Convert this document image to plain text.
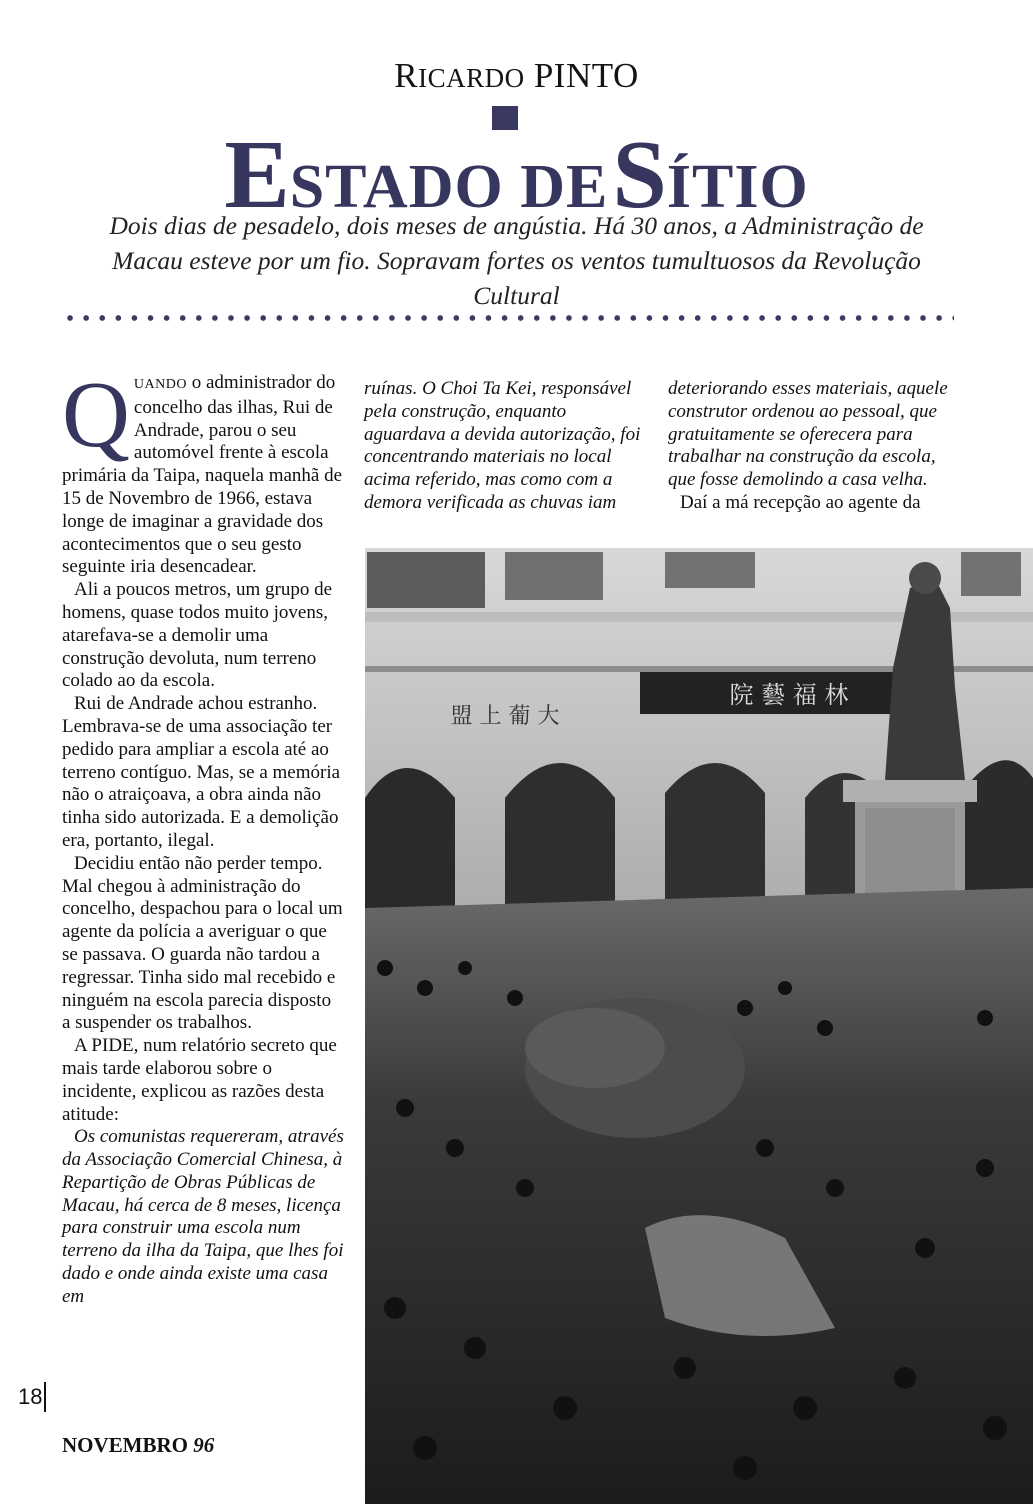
RICARDO PINTO
ESTADO DE SÍTIO
Dois dias de pesadelo, dois meses de angústia. Há 30 anos, a Administração de Macau esteve por um fio. Sopravam fortes os ventos tumultuosos da Revolução Cultural

QUANDO o administrador do concelho das ilhas, Rui de Andrade, parou o seu automóvel frente à escola primária da Taipa, naquela manhã de 15 de Novembro de 1966, estava longe de imaginar a gravidade dos acontecimentos que o seu gesto seguinte iria desencadear.

Ali a poucos metros, um grupo de homens, quase todos muito jovens, atarefava-se a demolir uma construção devoluta, num terreno colado ao da escola.

Rui de Andrade achou estranho. Lembrava-se de uma associação ter pedido para ampliar a escola até ao terreno contíguo. Mas, se a memória não o atraiçoava, a obra ainda não tinha sido autorizada. E a demolição era, portanto, ilegal.

Decidiu então não perder tempo. Mal chegou à administração do concelho, despachou para o local um agente da polícia a averiguar o que se passava. O guarda não tardou a regressar. Tinha sido mal recebido e ninguém na escola parecia disposto a suspender os trabalhos.

A PIDE, num relatório secreto que mais tarde elaborou sobre o incidente, explicou as razões desta atitude:

Os comunistas requereram, através da Associação Comercial Chinesa, à Repartição de Obras Públicas de Macau, há cerca de 8 meses, licença para construir uma escola num terreno da ilha da Taipa, que lhes foi dado e onde ainda existe uma casa em

ruínas. O Choi Ta Kei, responsável pela construção, enquanto aguardava a devida autorização, foi concentrando materiais no local acima referido, mas como com a demora verificada as chuvas iam

deteriorando esses materiais, aquele construtor ordenou ao pessoal, que gratuitamente se oferecera para trabalhar na construção da escola, que fosse demolindo a casa velha.

Daí a má recepção ao agente da

院 藝 福 林
盟 上 葡 大
18
NOVEMBRO 96
